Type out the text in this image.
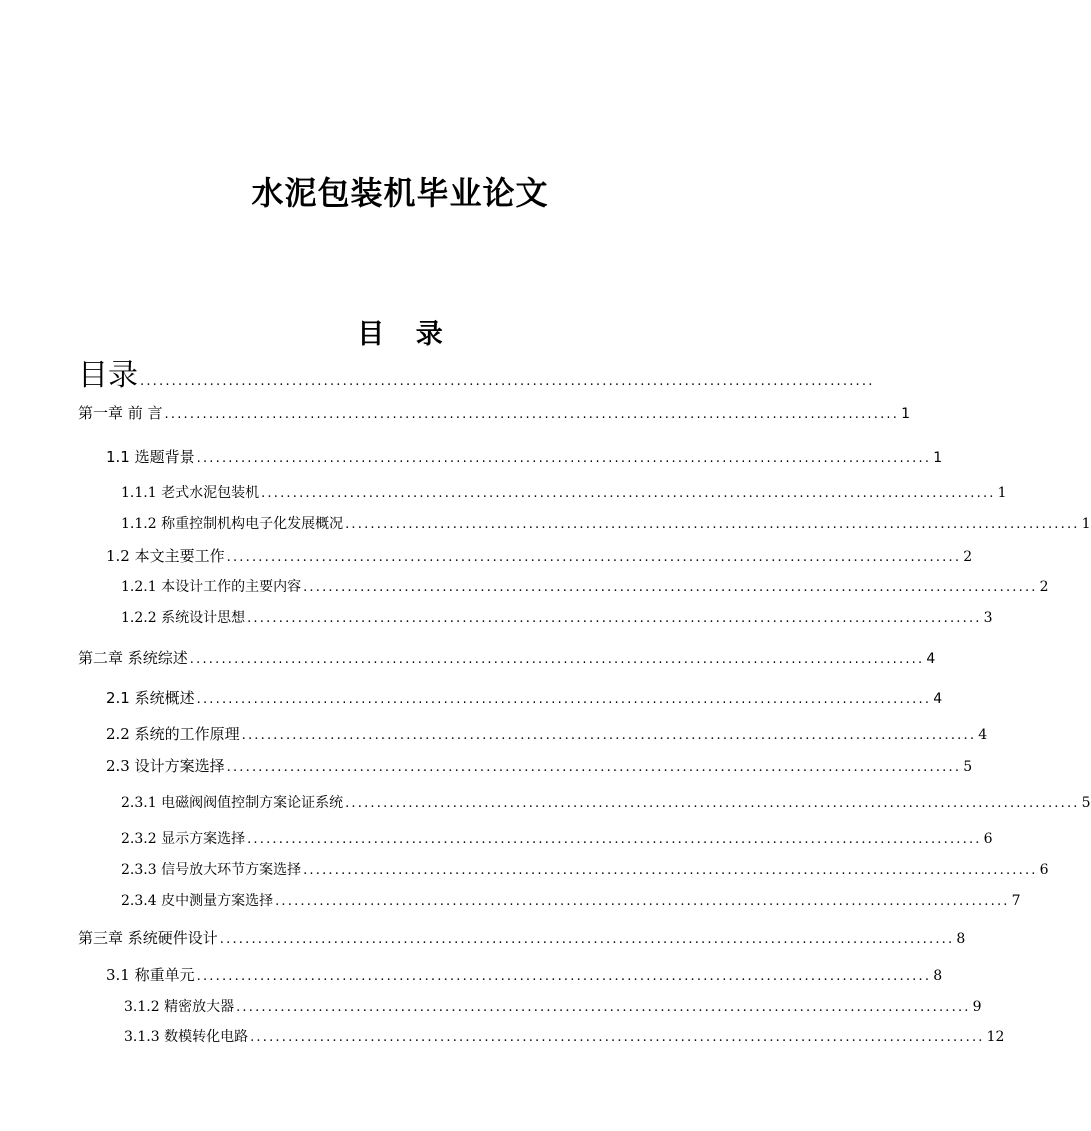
水泥包装机毕业论文
目 录
目录 ....................................................................................................................
第一章 前 言 .................................................................................................................... 1
1.1 选题背景 .................................................................................................................... 1
1.1.1 老式水泥包装机 .................................................................................................................... 1
1.1.2 称重控制机构电子化发展概况 .................................................................................................................... 1
1.2 本文主要工作 .................................................................................................................... 2
1.2.1 本设计工作的主要内容 .................................................................................................................... 2
1.2.2 系统设计思想 .................................................................................................................... 3
第二章 系统综述 .................................................................................................................... 4
2.1 系统概述 .................................................................................................................... 4
2.2 系统的工作原理 .................................................................................................................... 4
2.3 设计方案选择 .................................................................................................................... 5
2.3.1 电磁阀阀值控制方案论证系统 .................................................................................................................... 5
2.3.2 显示方案选择 .................................................................................................................... 6
2.3.3 信号放大环节方案选择 .................................................................................................................... 6
2.3.4 皮中测量方案选择 .................................................................................................................... 7
第三章 系统硬件设计 .................................................................................................................... 8
3.1 称重单元 .................................................................................................................... 8
3.1.2 精密放大器 .................................................................................................................... 9
3.1.3 数模转化电路 .................................................................................................................... 12
